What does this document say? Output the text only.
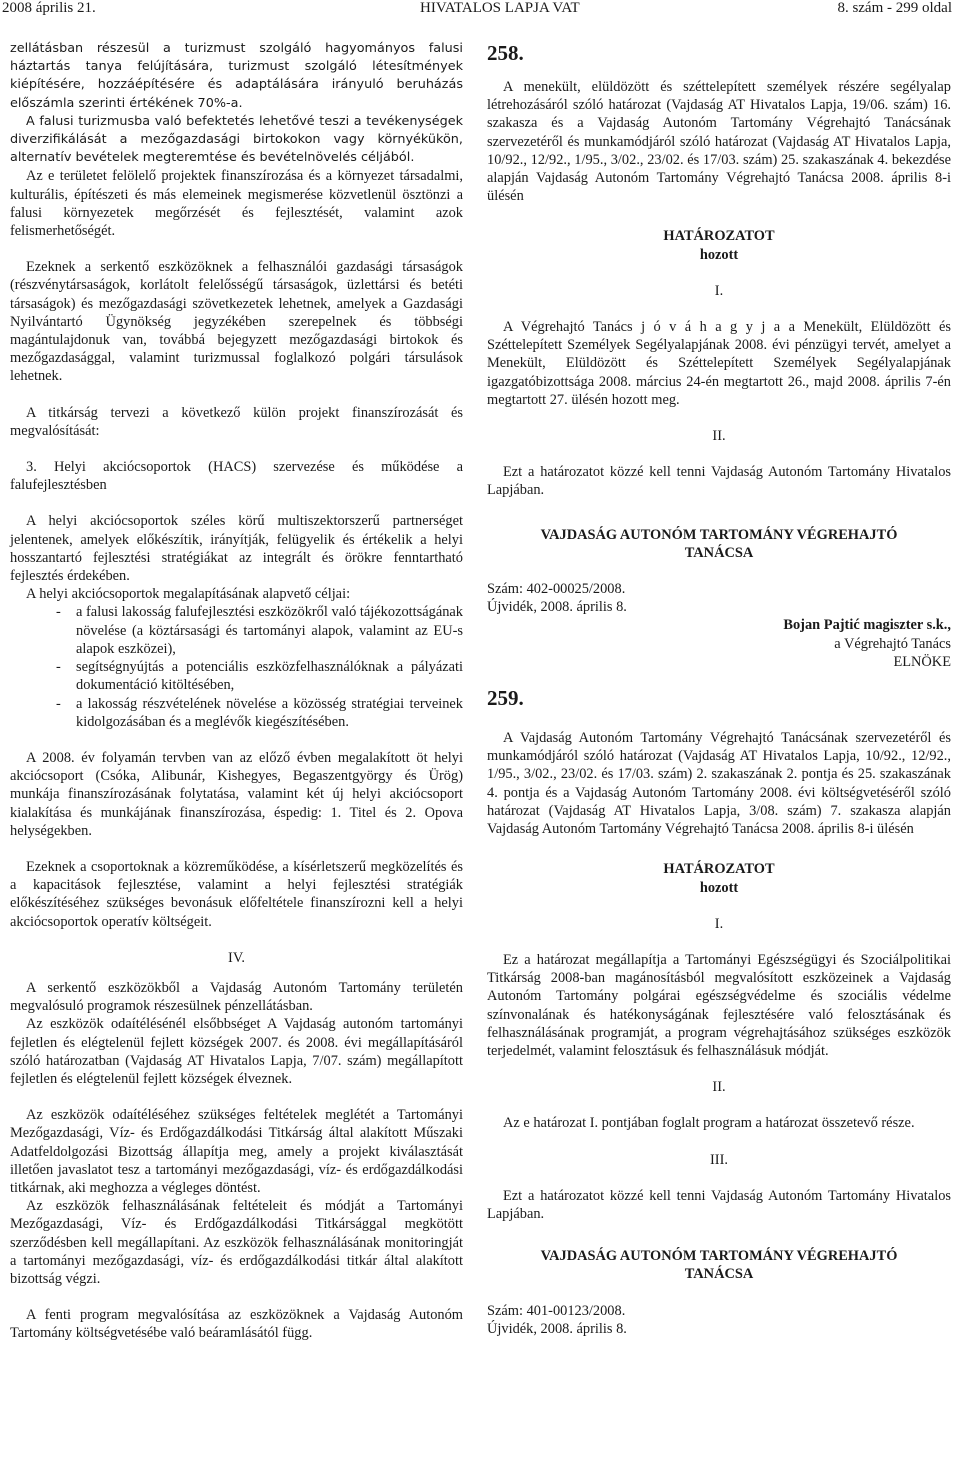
2008 április 21.	HIVATALOS LAPJA VAT	8. szám - 299 oldal

zellátásban részesül a turizmust szolgáló hagyományos falusi háztartás tanya felújítására, turizmust szolgáló létesítmények kiépítésére, hozzáépítésére és adaptálására irányuló beruházás előszámla szerinti értékének 70%-a.

A falusi turizmusba való befektetés lehetővé teszi a tevékenységek diverzifikálását a mezőgazdasági birtokokon vagy környékükön, alternatív bevételek megteremtése és bevételnövelés céljából.

Az e területet felölelő projektek finanszírozása és a környezet társadalmi, kulturális, építészeti és más elemeinek megismerése közvetlenül ösztönzi a falusi környezetek megőrzését és fejlesztését, valamint azok felismerhetőségét.

Ezeknek a serkentő eszközöknek a felhasználói gazdasági társaságok (részvénytársaságok, korlátolt felelősségű társaságok, üzlettársi és betéti társaságok) és mezőgazdasági szövetkezetek lehetnek, amelyek a Gazdasági Nyilvántartó Ügynökség jegyzékében szerepelnek és többségi magántulajdonuk van, továbbá bejegyzett mezőgazdasági birtokok és mezőgazdasággal, valamint turizmussal foglalkozó polgári társulások lehetnek.

A titkárság tervezi a következő külön projekt finanszírozását és megvalósítását:

3. Helyi akciócsoportok (HACS) szervezése és működése a falufejlesztésben

A helyi akciócsoportok széles körű multiszektorszerű partnerséget jelentenek, amelyek előkészítik, irányítják, felügyelik és értékelik a helyi hosszantartó fejlesztési stratégiákat az integrált és örökre fenntartható fejlesztés érdekében.

A helyi akciócsoportok megalapításának alapvető céljai:

- a falusi lakosság falufejlesztési eszközökről való tájékozottságának növelése (a köztársasági és tartományi alapok, valamint az EU-s alapok eszközei),
- segítségnyújtás a potenciális eszközfelhasználóknak a pályázati dokumentáció kitöltésében,
- a lakosság részvételének növelése a közösség stratégiai terveinek kidolgozásában és a meglévők kiegészítésében.

A 2008. év folyamán tervben van az előző évben megalakított öt helyi akciócsoport (Csóka, Alibunár, Kishegyes, Begaszentgyörgy és Ürög) munkája finanszírozásának folytatása, valamint két új helyi akciócsoport kialakítása és munkájának finanszírozása, éspedig: 1. Titel és 2. Opova helységekben.

Ezeknek a csoportoknak a közreműködése, a kísérletszerű megközelítés és a kapacitások fejlesztése, valamint a helyi fejlesztési stratégiák előkészítéséhez szükséges bevonásuk előfeltétele finanszírozni kell a helyi akciócsoportok operatív költségeit.

IV.

A serkentő eszközökből a Vajdaság Autonóm Tartomány területén megvalósuló programok részesülnek pénzellátásban.

Az eszközök odaítélésénél elsőbbséget A Vajdaság autonóm tartományi fejletlen és elégtelenül fejlett községek 2007. és 2008. évi megállapításáról szóló határozatban (Vajdaság AT Hivatalos Lapja, 7/07. szám) megállapított fejletlen és elégtelenül fejlett községek élveznek.

Az eszközök odaítéléséhez szükséges feltételek meglétét a Tartományi Mezőgazdasági, Víz- és Erdőgazdálkodási Titkárság által alakított Műszaki Adatfeldolgozási Bizottság állapítja meg, amely a projekt kiválasztását illetően javaslatot tesz a tartományi mezőgazdasági, víz- és erdőgazdálkodási titkárnak, aki meghozza a végleges döntést.

Az eszközök felhasználásának feltételeit és módját a Tartományi Mezőgazdasági, Víz- és Erdőgazdálkodási Titkársággal megkötött szerződésben kell megállapítani. Az eszközök felhasználásának monitoringját a tartományi mezőgazdasági, víz- és erdőgazdálkodási titkár által alakított bizottság végzi.

A fenti program megvalósítása az eszközöknek a Vajdaság Autonóm Tartomány költségvetésébe való beáramlásától függ.

258.

A menekült, elüldözött és széttelepített személyek részére segélyalap létrehozásáról szóló határozat (Vajdaság AT Hivatalos Lapja, 19/06. szám) 16. szakasza és a Vajdaság Autonóm Tartomány Végrehajtó Tanácsának szervezetéről és munkamódjáról szóló határozat (Vajdaság AT Hivatalos Lapja, 10/92., 12/92., 1/95., 3/02., 23/02. és 17/03. szám) 25. szakaszának 4. bekezdése alapján Vajdaság Autonóm Tartomány Végrehajtó Tanácsa 2008. április 8-i ülésén

HATÁROZATOT

hozott

I.

A Végrehajtó Tanács j ó v á h a g y j a a Menekült, Elüldözött és Széttelepített Személyek Segélyalapjának 2008. évi pénzügyi tervét, amelyet a Menekült, Elüldözött és Széttelepített Személyek Segélyalapjának igazgatóbizottsága 2008. március 24-én megtartott 26., majd 2008. április 7-én megtartott 27. ülésén hozott meg.

II.

Ezt a határozatot közzé kell tenni Vajdaság Autonóm Tartomány Hivatalos Lapjában.

VAJDASÁG AUTONÓM TARTOMÁNY VÉGREHAJTÓ

TANÁCSA

Szám: 402-00025/2008.

Újvidék, 2008. április 8.

Bojan Pajtić magiszter s.k.,

a Végrehajtó Tanács

ELNÖKE

259.

A Vajdaság Autonóm Tartomány Végrehajtó Tanácsának szervezetéről és munkamódjáról szóló határozat (Vajdaság AT Hivatalos Lapja, 10/92., 12/92., 1/95., 3/02., 23/02. és 17/03. szám) 2. szakaszának 2. pontja és 25. szakaszának 4. pontja és a Vajdaság Autonóm Tartomány 2008. évi költségvetéséről szóló határozat (Vajdaság AT Hivatalos Lapja, 3/08. szám) 7. szakasza alapján Vajdaság Autonóm Tartomány Végrehajtó Tanácsa 2008. április 8-i ülésén

HATÁROZATOT

hozott

I.

Ez a határozat megállapítja a Tartományi Egészségügyi és Szociálpolitikai Titkárság 2008-ban magánosításból megvalósított eszközeinek a Vajdaság Autonóm Tartomány polgárai egészségvédelme és szociális védelme színvonalának és hatékonyságának fejlesztésére való felosztásának és felhasználásának programját, a program végrehajtásához szükséges eszközök terjedelmét, valamint felosztásuk és felhasználásuk módját.

II.

Az e határozat I. pontjában foglalt program a határozat összetevő része.

III.

Ezt a határozatot közzé kell tenni Vajdaság Autonóm Tartomány Hivatalos Lapjában.

VAJDASÁG AUTONÓM TARTOMÁNY VÉGREHAJTÓ

TANÁCSA

Szám: 401-00123/2008.

Újvidék, 2008. április 8.
